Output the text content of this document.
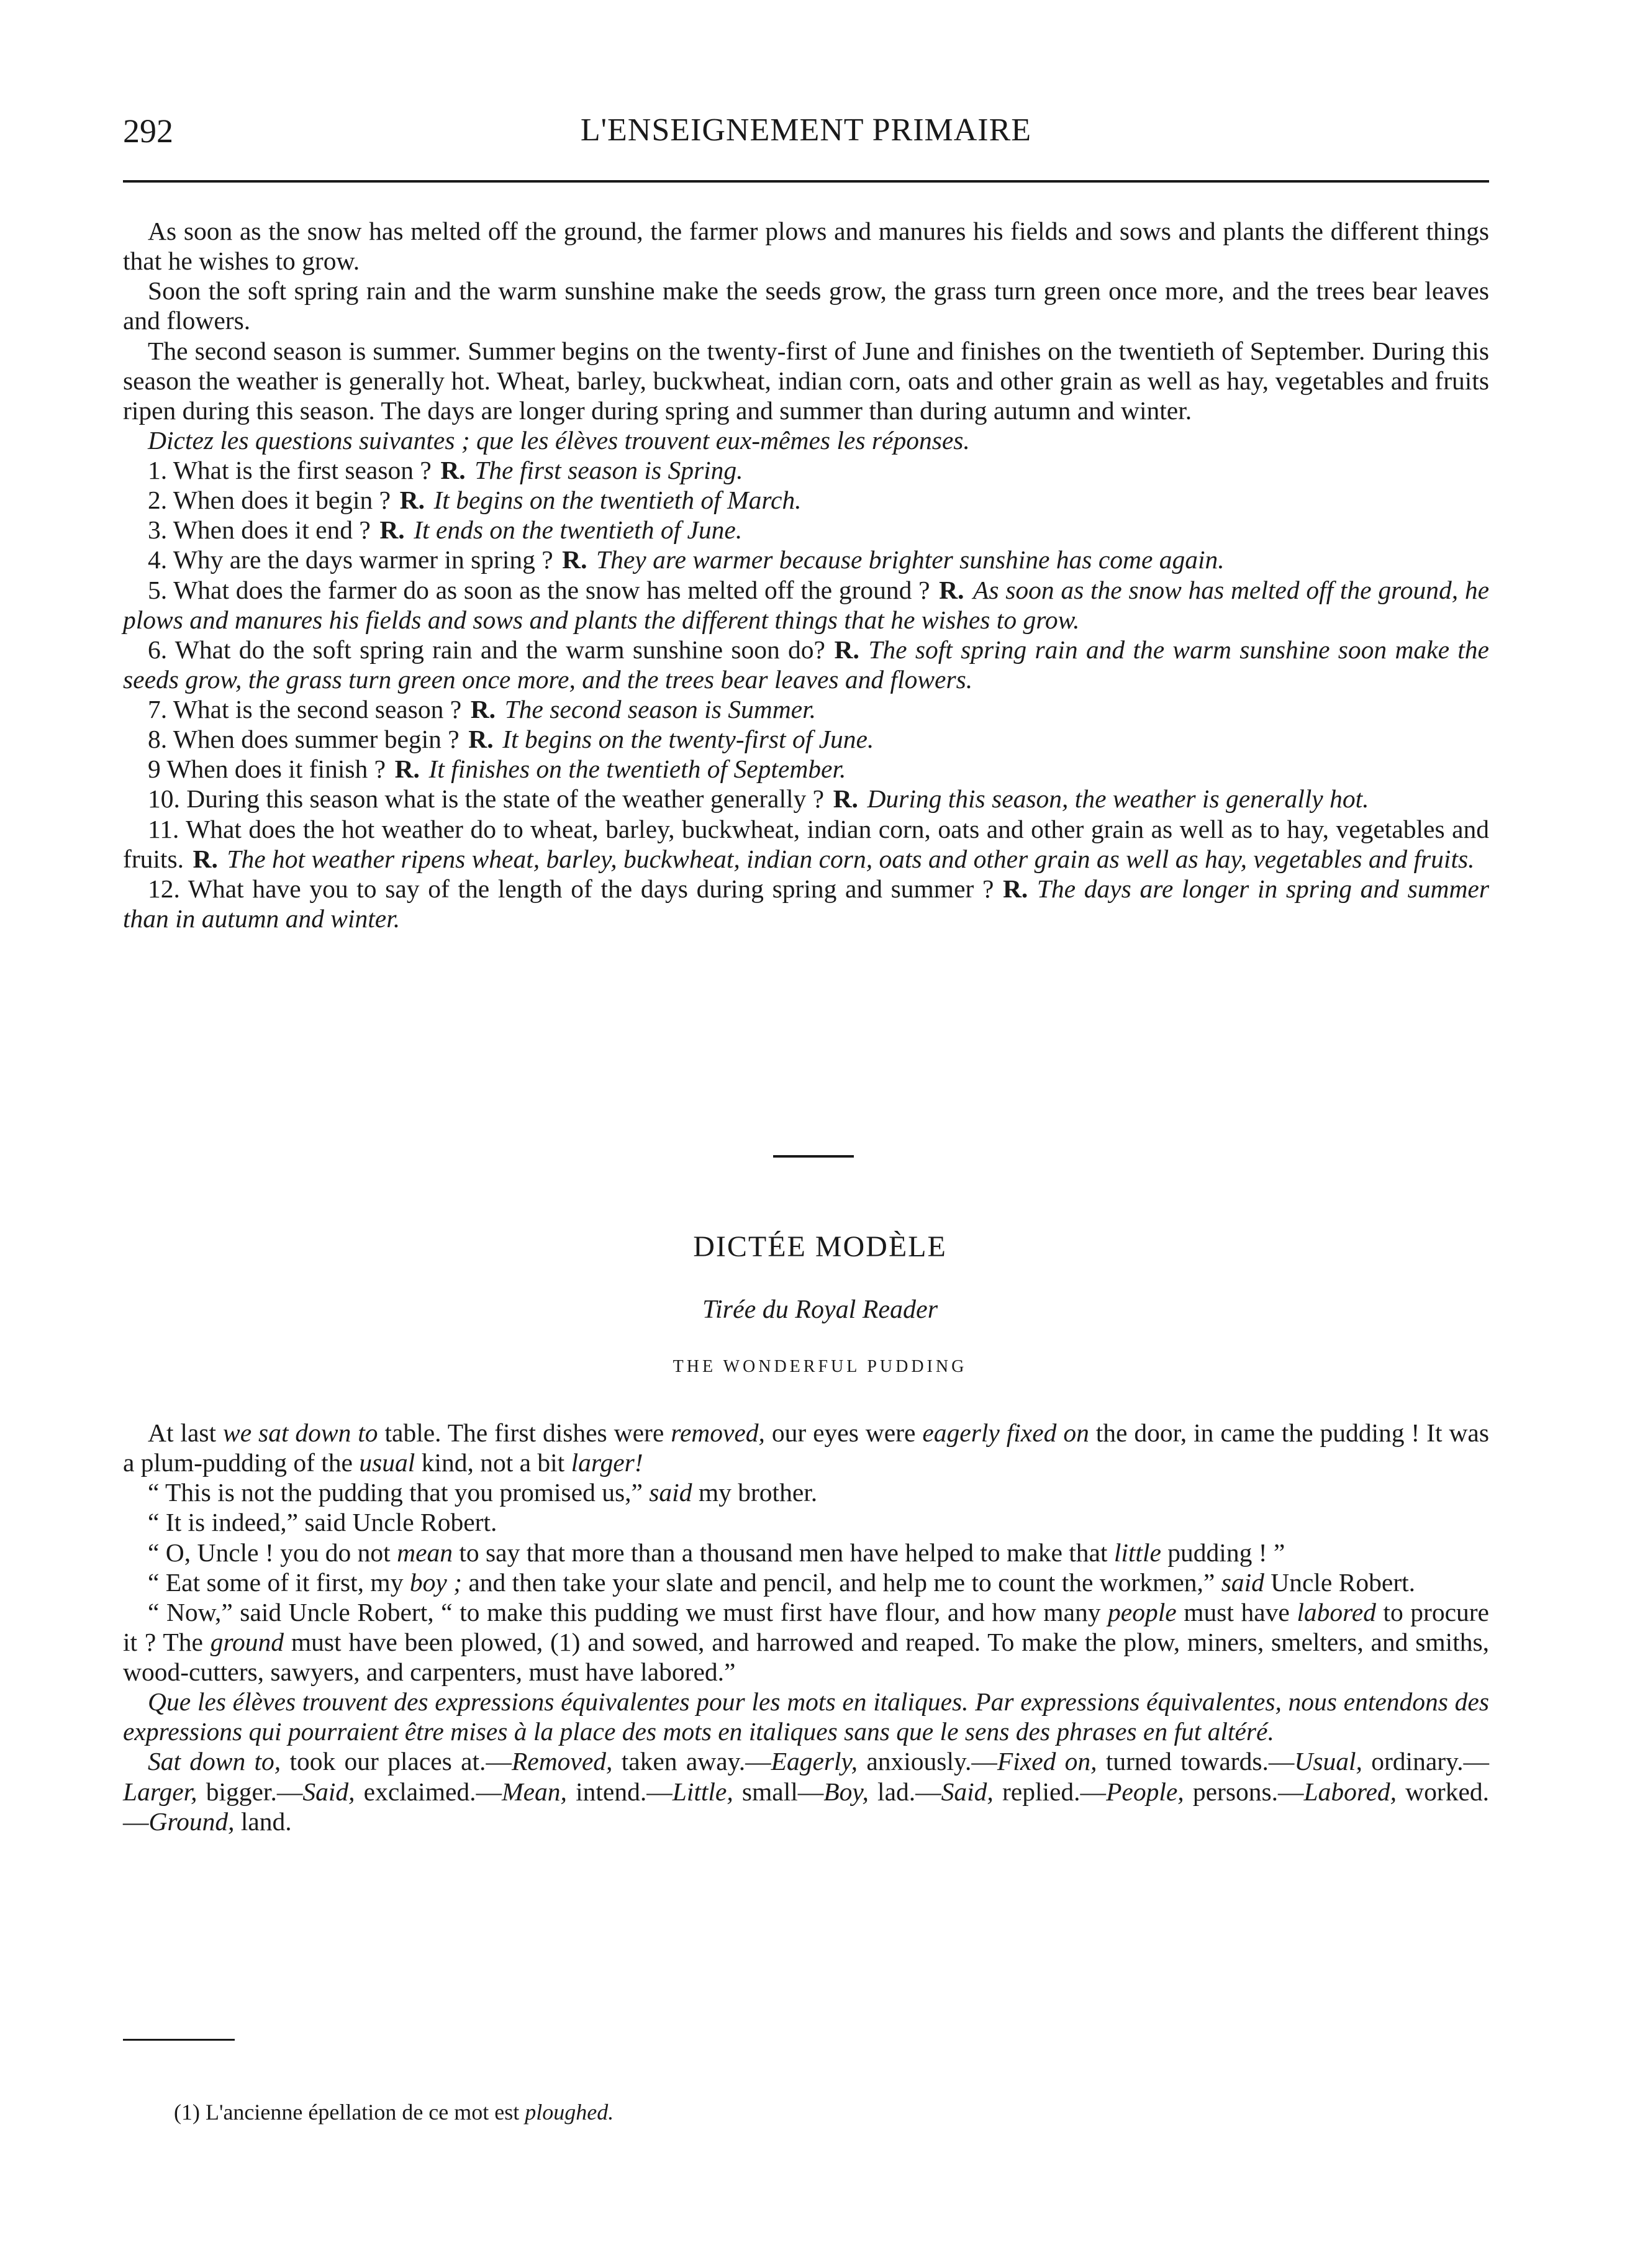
292	L'ENSEIGNEMENT PRIMAIRE

As soon as the snow has melted off the ground, the farmer plows and manures his fields and sows and plants the different things that he wishes to grow.

Soon the soft spring rain and the warm sunshine make the seeds grow, the grass turn green once more, and the trees bear leaves and flowers.

The second season is summer. Summer begins on the twenty-first of June and finishes on the twentieth of September. During this season the weather is generally hot. Wheat, barley, buckwheat, indian corn, oats and other grain as well as hay, vegetables and fruits ripen during this season. The days are longer during spring and summer than during autumn and winter.

Dictez les questions suivantes ; que les élèves trouvent eux-mêmes les réponses.

1. What is the first season ? R. The first season is Spring.

2. When does it begin ? R. It begins on the twentieth of March.

3. When does it end ? R. It ends on the twentieth of June.

4. Why are the days warmer in spring ? R. They are warmer because brighter sunshine has come again.

5. What does the farmer do as soon as the snow has melted off the ground ? R. As soon as the snow has melted off the ground, he plows and manures his fields and sows and plants the different things that he wishes to grow.

6. What do the soft spring rain and the warm sunshine soon do? R. The soft spring rain and the warm sunshine soon make the seeds grow, the grass turn green once more, and the trees bear leaves and flowers.

7. What is the second season ? R. The second season is Summer.

8. When does summer begin ? R. It begins on the twenty-first of June.

9 When does it finish ? R. It finishes on the twentieth of September.

10. During this season what is the state of the weather generally ? R. During this season, the weather is generally hot.

11. What does the hot weather do to wheat, barley, buckwheat, indian corn, oats and other grain as well as to hay, vegetables and fruits. R. The hot weather ripens wheat, barley, buckwheat, indian corn, oats and other grain as well as hay, vegetables and fruits.

12. What have you to say of the length of the days during spring and summer ? R. The days are longer in spring and summer than in autumn and winter.

DICTÉE MODÈLE
Tirée du Royal Reader
THE WONDERFUL PUDDING

At last we sat down to table. The first dishes were removed, our eyes were eagerly fixed on the door, in came the pudding ! It was a plum-pudding of the usual kind, not a bit larger!

“ This is not the pudding that you promised us,” said my brother.

“ It is indeed,” said Uncle Robert.

“ O, Uncle ! you do not mean to say that more than a thousand men have helped to make that little pudding ! ”

“ Eat some of it first, my boy ; and then take your slate and pencil, and help me to count the workmen,” said Uncle Robert.

“ Now,” said Uncle Robert, “ to make this pudding we must first have flour, and how many people must have labored to procure it ? The ground must have been plowed, (1) and sowed, and harrowed and reaped. To make the plow, miners, smelters, and smiths, wood-cutters, sawyers, and carpenters, must have labored.”

Que les élèves trouvent des expressions équivalentes pour les mots en italiques. Par expressions équivalentes, nous entendons des expressions qui pourraient être mises à la place des mots en italiques sans que le sens des phrases en fut altéré.

Sat down to, took our places at.—Removed, taken away.—Eagerly, anxiously.—Fixed on, turned towards.—Usual, ordinary.—Larger, bigger.—Said, exclaimed.—Mean, intend.—Little, small—Boy, lad.—Said, replied.—People, persons.—Labored, worked.—Ground, land.

(1) L'ancienne épellation de ce mot est ploughed.
